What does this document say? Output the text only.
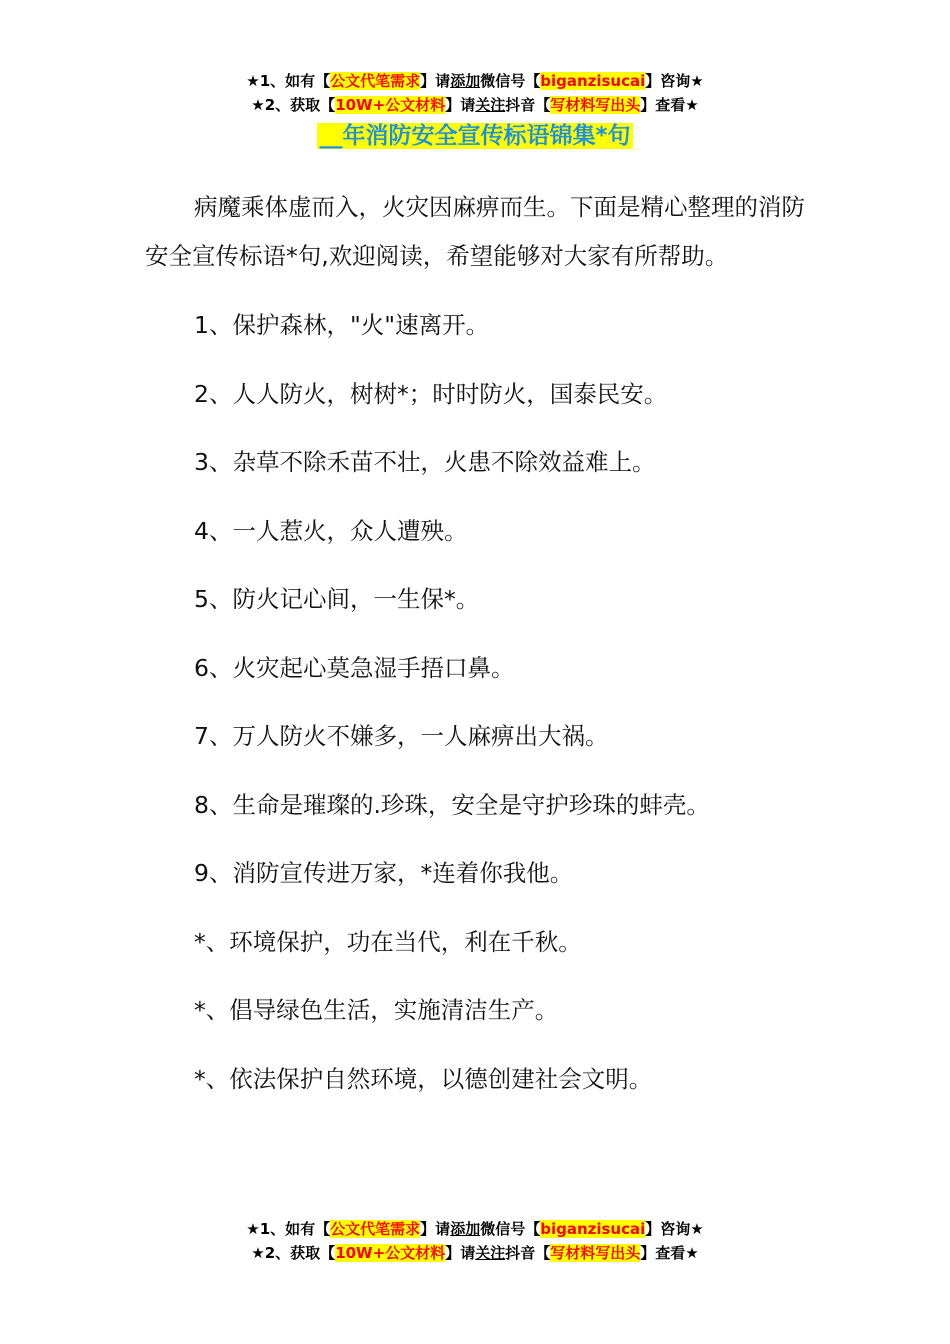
★1、如有【公文代笔需求】请添加微信号【biganzisucai】咨询★
★2、获取【10W+公文材料】请关注抖音【写材料写出头】查看★
__年消防安全宣传标语锦集*句

病魔乘体虚而入，火灾因麻痹而生。下面是精心整理的消防安全宣传标语*句,欢迎阅读，希望能够对大家有所帮助。

1、保护森林，"火"速离开。
2、人人防火，树树*；时时防火，国泰民安。
3、杂草不除禾苗不壮，火患不除效益难上。
4、一人惹火，众人遭殃。
5、防火记心间，一生保*。
6、火灾起心莫急湿手捂口鼻。
7、万人防火不嫌多，一人麻痹出大祸。
8、生命是璀璨的.珍珠，安全是守护珍珠的蚌壳。
9、消防宣传进万家，*连着你我他。
*、环境保护，功在当代，利在千秋。
*、倡导绿色生活，实施清洁生产。
*、依法保护自然环境，以德创建社会文明。
★1、如有【公文代笔需求】请添加微信号【biganzisucai】咨询★
★2、获取【10W+公文材料】请关注抖音【写材料写出头】查看★
